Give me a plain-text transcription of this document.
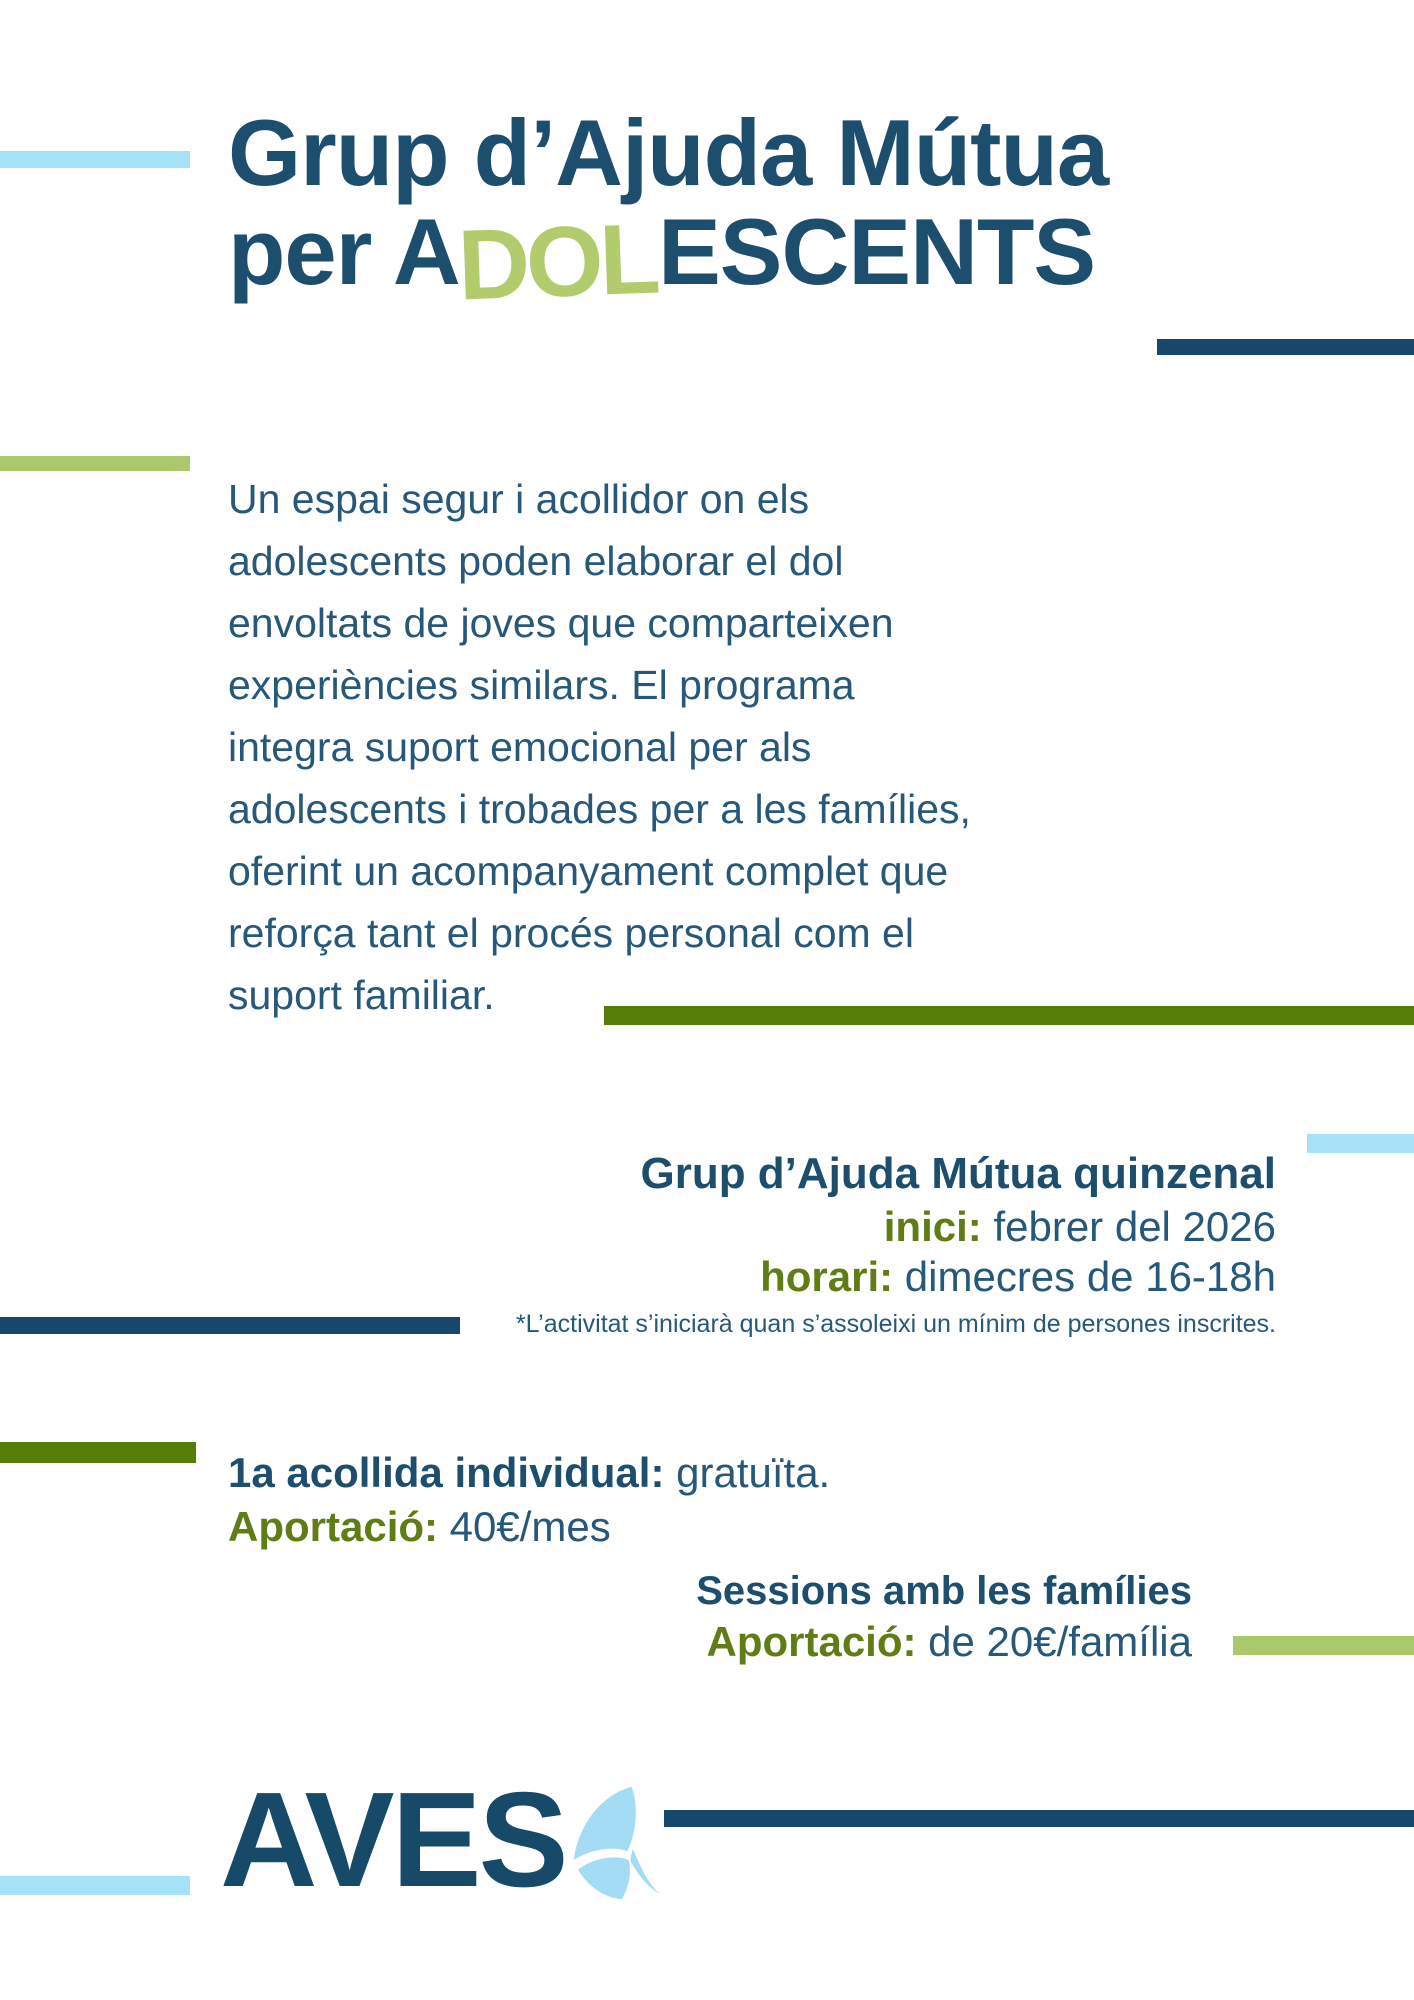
Grup d’Ajuda Mútua
per ADOLESCENTS
Un espai segur i acollidor on els
adolescents poden elaborar el dol
envoltats de joves que comparteixen
experiències similars. El programa
integra suport emocional per als
adolescents i trobades per a les famílies,
oferint un acompanyament complet que
reforça tant el procés personal com el
suport familiar.
Grup d’Ajuda Mútua quinzenal
inici: febrer del 2026
horari: dimecres de 16-18h
*L’activitat s’iniciarà quan s’assoleixi un mínim de persones inscrites.
1a acollida individual: gratuïta.
Aportació: 40€/mes
Sessions amb les famílies
Aportació: de 20€/família
AVES
